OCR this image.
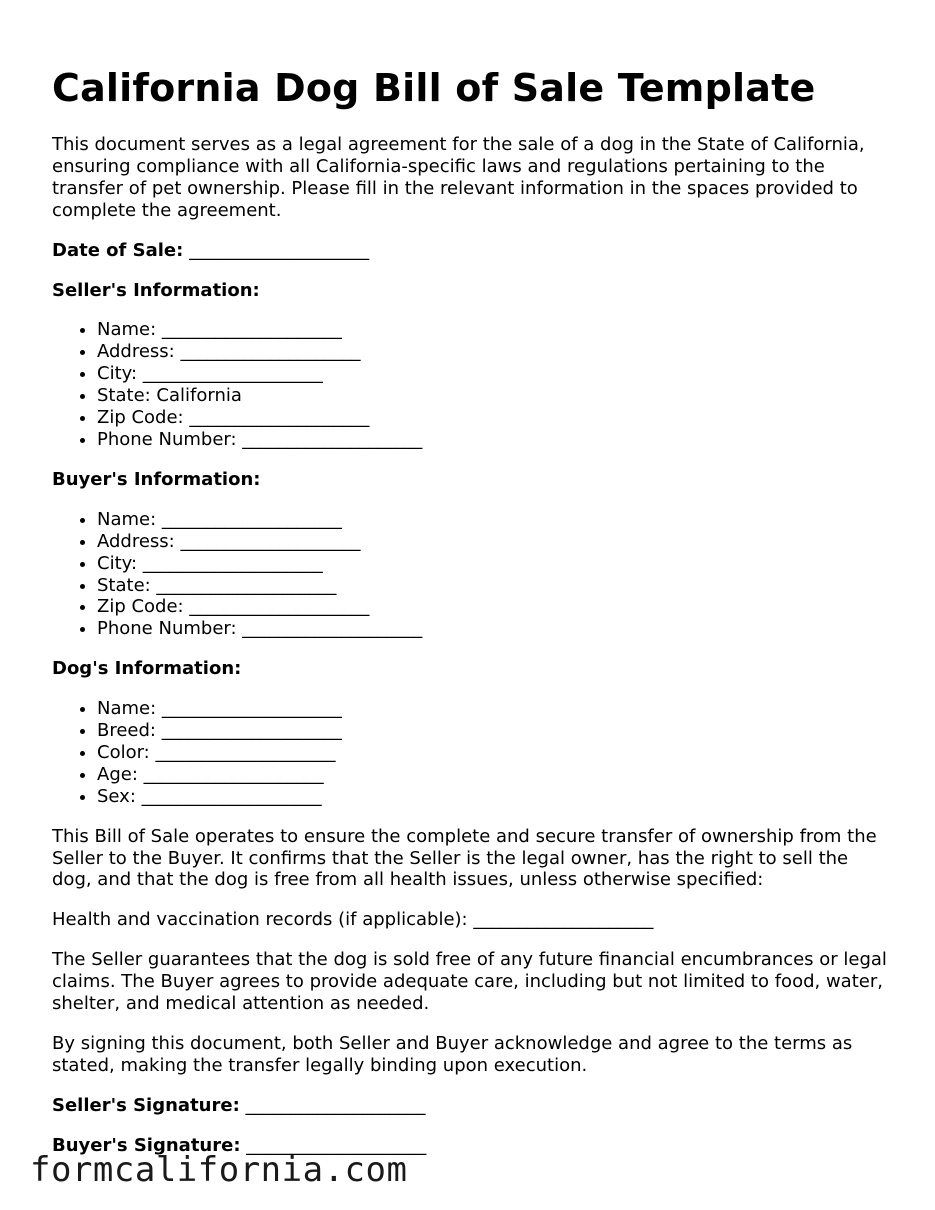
California Dog Bill of Sale Template

This document serves as a legal agreement for the sale of a dog in the State of California, ensuring compliance with all California-specific laws and regulations pertaining to the transfer of pet ownership. Please fill in the relevant information in the spaces provided to complete the agreement.

Date of Sale: ____________________
Seller's Information:
• Name: ____________________
• Address: ____________________
• City: ____________________
• State: California
• Zip Code: ____________________
• Phone Number: ____________________
Buyer's Information:
• Name: ____________________
• Address: ____________________
• City: ____________________
• State: ____________________
• Zip Code: ____________________
• Phone Number: ____________________
Dog's Information:
• Name: ____________________
• Breed: ____________________
• Color: ____________________
• Age: ____________________
• Sex: ____________________

This Bill of Sale operates to ensure the complete and secure transfer of ownership from the Seller to the Buyer. It confirms that the Seller is the legal owner, has the right to sell the dog, and that the dog is free from all health issues, unless otherwise specified:

Health and vaccination records (if applicable): ____________________

The Seller guarantees that the dog is sold free of any future financial encumbrances or legal claims. The Buyer agrees to provide adequate care, including but not limited to food, water, shelter, and medical attention as needed.

By signing this document, both Seller and Buyer acknowledge and agree to the terms as stated, making the transfer legally binding upon execution.

Seller's Signature: ____________________
Buyer's Signature: ____________________
formcalifornia.com
